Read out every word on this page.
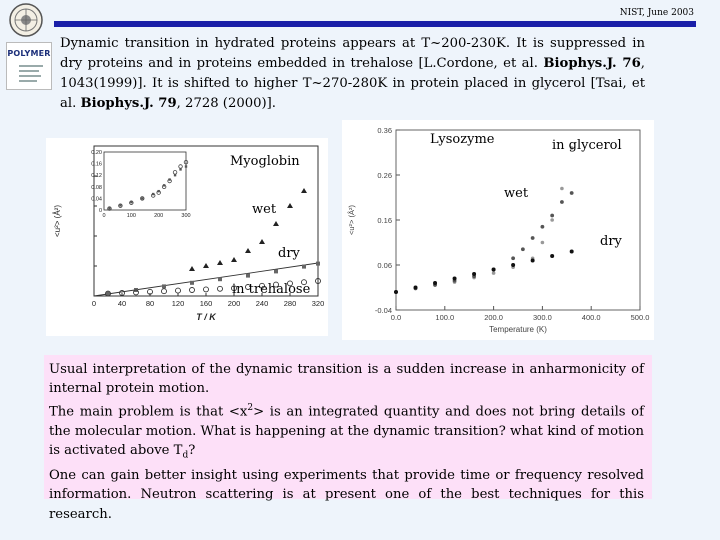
POLYMER
NIST, June 2003
Dynamic transition in hydrated proteins appears at T~200-230K. It is suppressed in dry proteins and in proteins embedded in trehalose [L.Cordone, et al. Biophys.J. 76, 1043(1999)]. It is shifted to higher T~270-280K in protein placed in glycerol [Tsai, et al. Biophys.J. 79, 2728 (2000)].
0	40	80 120 160 200 240 280 320
T / K
<u²> (Å²)	0	100	200	300
0
0.04
0.08
0.12
0.16
0.20
Myoglobin
wet
dry
in trehalose
0.0	100.0	200.0	300.0	400.0	500.0
Temperature (K)
-0.04
0.06
0.16
0.26
0.36
<u²> (Å²)
Lysozyme	in glycerol
wet
dry

Usual interpretation of the dynamic transition is a sudden increase in anharmonicity of internal protein motion.

The main problem is that $<x^2>$ is an integrated quantity and does not bring details of the molecular motion. What is happening at the dynamic transition? what kind of motion is activated above $T_d$?

One can gain better insight using experiments that provide time or frequency resolved information. Neutron scattering is at present one of the best techniques for this research.
